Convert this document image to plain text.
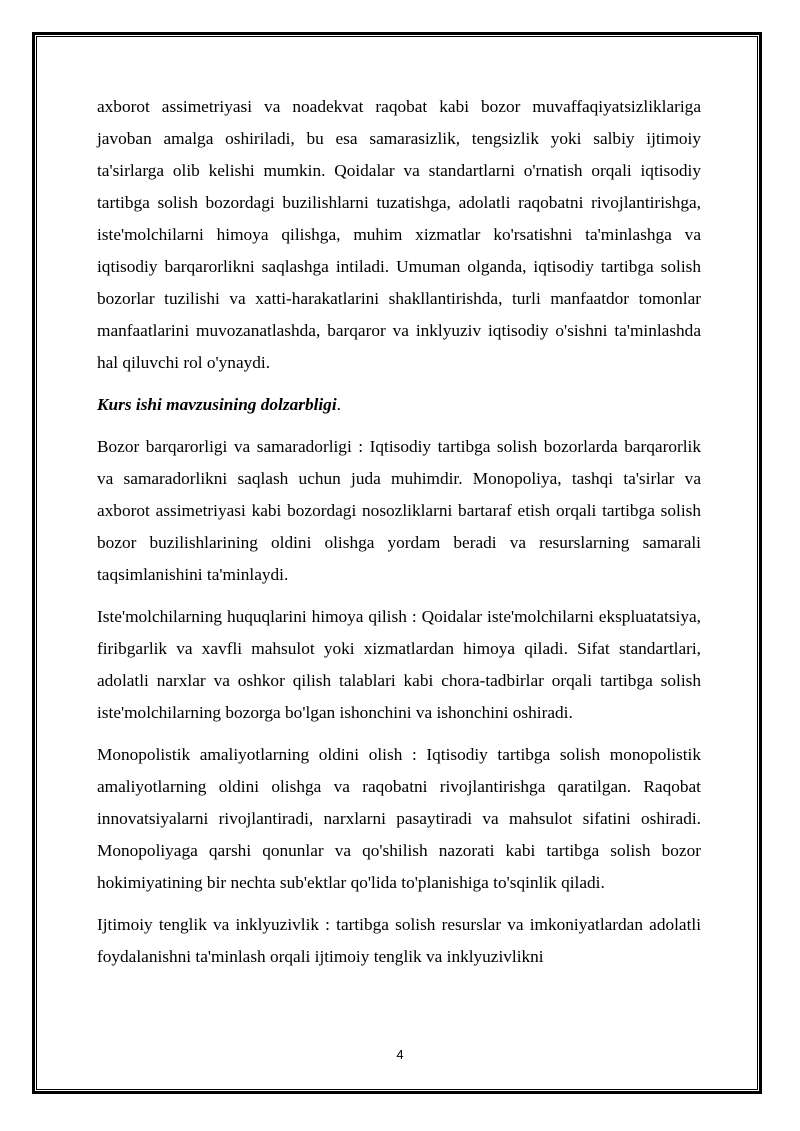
axborot assimetriyasi va noadekvat raqobat kabi bozor muvaffaqiyatsizliklariga javoban amalga oshiriladi, bu esa samarasizlik, tengsizlik yoki salbiy ijtimoiy ta'sirlarga olib kelishi mumkin. Qoidalar va standartlarni o'rnatish orqali iqtisodiy tartibga solish bozordagi buzilishlarni tuzatishga, adolatli raqobatni rivojlantirishga, iste'molchilarni himoya qilishga, muhim xizmatlar ko'rsatishni ta'minlashga va iqtisodiy barqarorlikni saqlashga intiladi. Umuman olganda, iqtisodiy tartibga solish bozorlar tuzilishi va xatti-harakatlarini shakllantirishda, turli manfaatdor tomonlar manfaatlarini muvozanatlashda, barqaror va inklyuziv iqtisodiy o'sishni ta'minlashda hal qiluvchi rol o'ynaydi.

Kurs ishi mavzusining dolzarbligi.

Bozor barqarorligi va samaradorligi : Iqtisodiy tartibga solish bozorlarda barqarorlik va samaradorlikni saqlash uchun juda muhimdir. Monopoliya, tashqi ta'sirlar va axborot assimetriyasi kabi bozordagi nosozliklarni bartaraf etish orqali tartibga solish bozor buzilishlarining oldini olishga yordam beradi va resurslarning samarali taqsimlanishini ta'minlaydi.

Iste'molchilarning huquqlarini himoya qilish : Qoidalar iste'molchilarni ekspluatatsiya, firibgarlik va xavfli mahsulot yoki xizmatlardan himoya qiladi. Sifat standartlari, adolatli narxlar va oshkor qilish talablari kabi chora-tadbirlar orqali tartibga solish iste'molchilarning bozorga bo'lgan ishonchini va ishonchini oshiradi.

Monopolistik amaliyotlarning oldini olish : Iqtisodiy tartibga solish monopolistik amaliyotlarning oldini olishga va raqobatni rivojlantirishga qaratilgan. Raqobat innovatsiyalarni rivojlantiradi, narxlarni pasaytiradi va mahsulot sifatini oshiradi. Monopoliyaga qarshi qonunlar va qo'shilish nazorati kabi tartibga solish bozor hokimiyatining bir nechta sub'ektlar qo'lida to'planishiga to'sqinlik qiladi.

Ijtimoiy tenglik va inklyuzivlik : tartibga solish resurslar va imkoniyatlardan adolatli foydalanishni ta'minlash orqali ijtimoiy tenglik va inklyuzivlikni

4
